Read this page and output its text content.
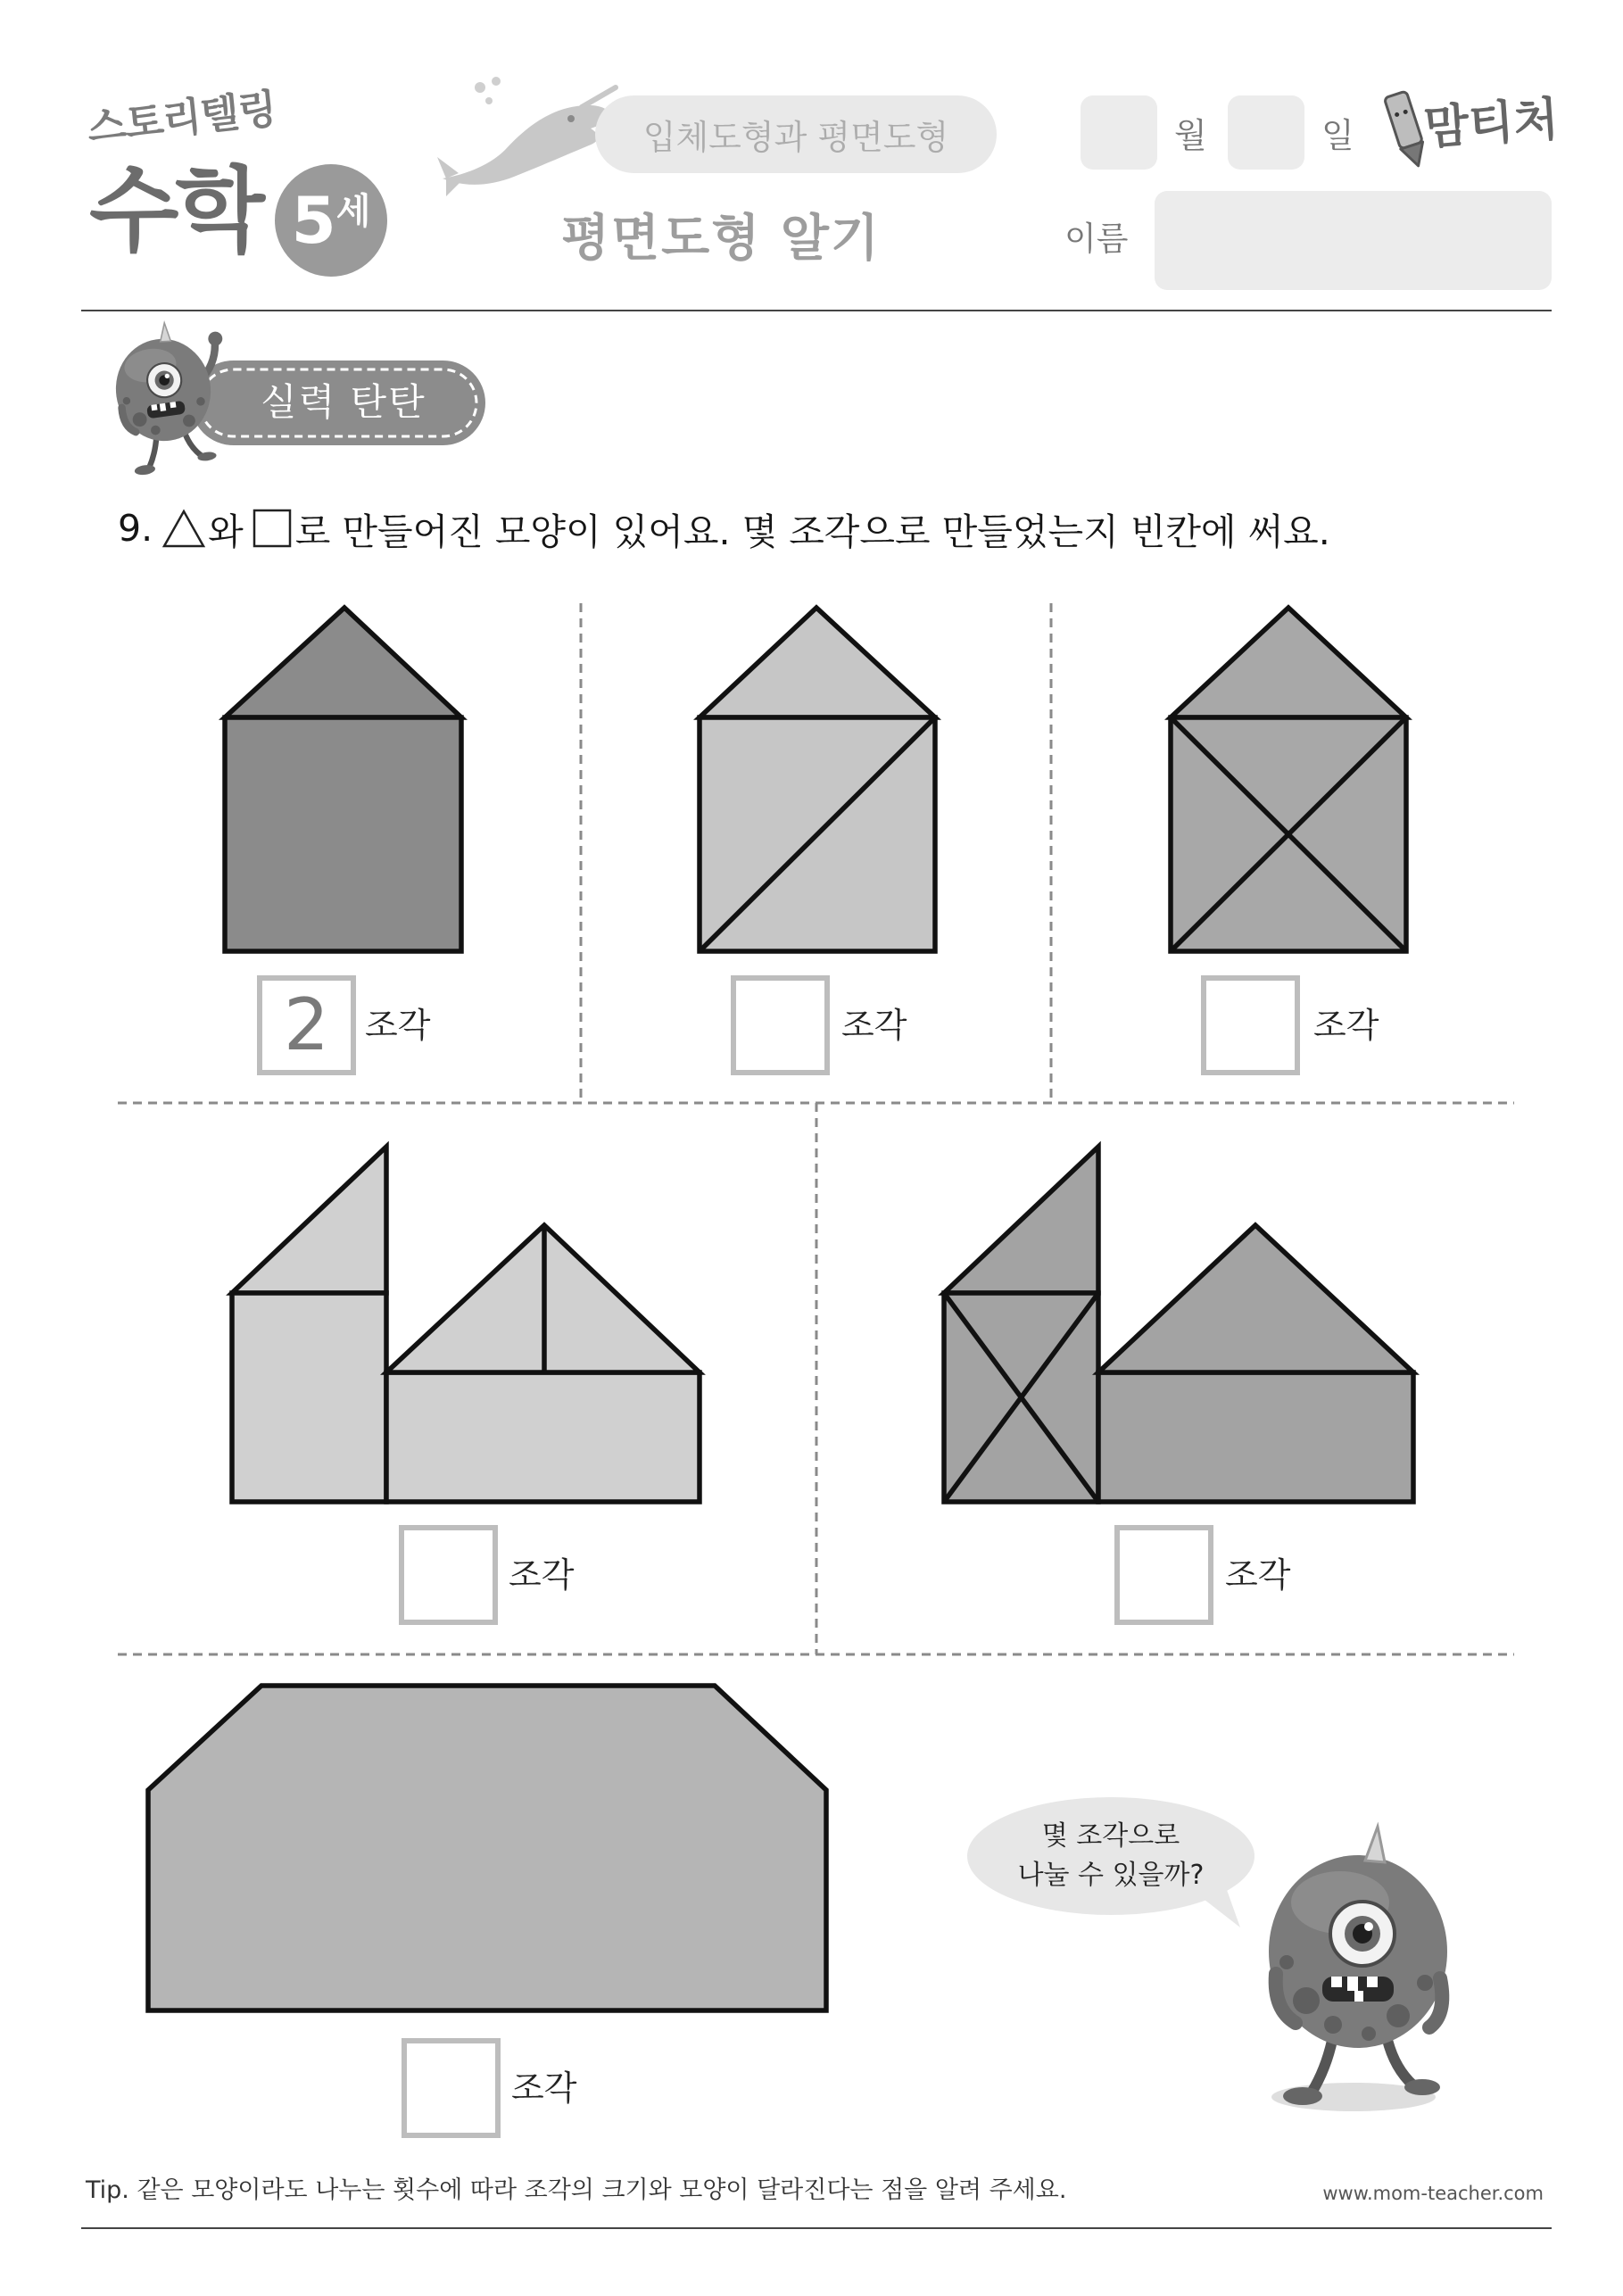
스토리텔링
수학 5 세
입체도형과 평면도형
평면도형 알기
월	일 맘티처
이름
실력 탄탄
9. 와 로 만들어진 모양이 있어요. 몇 조각으로 만들었는지 빈칸에 써요.
2 조각	조각	조각
조각	조각
조각
몇 조각으로
나눌 수 있을까?
Tip. 같은 모양이라도 나누는 횟수에 따라 조각의 크기와 모양이 달라진다는 점을 알려 주세요.	www.mom-teacher.com
